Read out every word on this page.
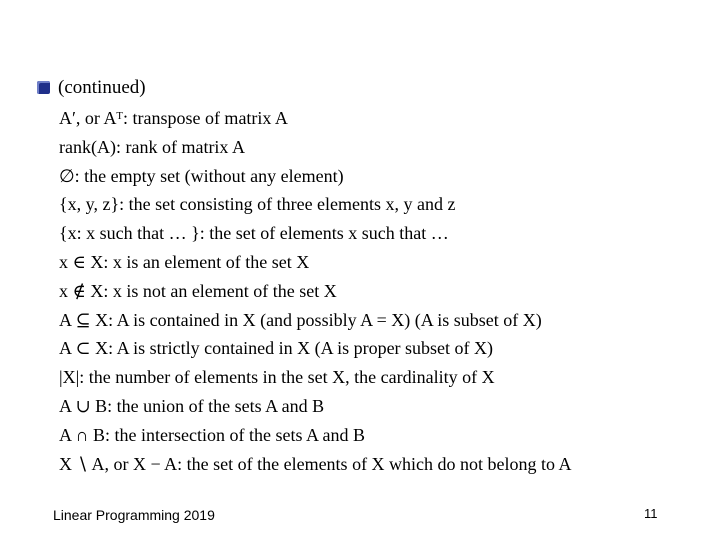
(continued)
A′, or Aᵀ: transpose of matrix A
rank(A): rank of matrix A
∅: the empty set (without any element)
{x, y, z}: the set consisting of three elements x, y and z
{x: x such that … }: the set of elements x such that …
x ∈ X: x is an element of the set X
x ∉ X: x is not an element of the set X
A ⊆ X: A is contained in X (and possibly A = X) (A is subset of X)
A ⊂ X: A is strictly contained in X (A is proper subset of X)
|X|: the number of elements in the set X, the cardinality of X
A ∪ B: the union of the sets A and B
A ∩ B: the intersection of the sets A and B
X ∖ A, or X − A: the set of the elements of X which do not belong to A
Linear Programming 2019	11
